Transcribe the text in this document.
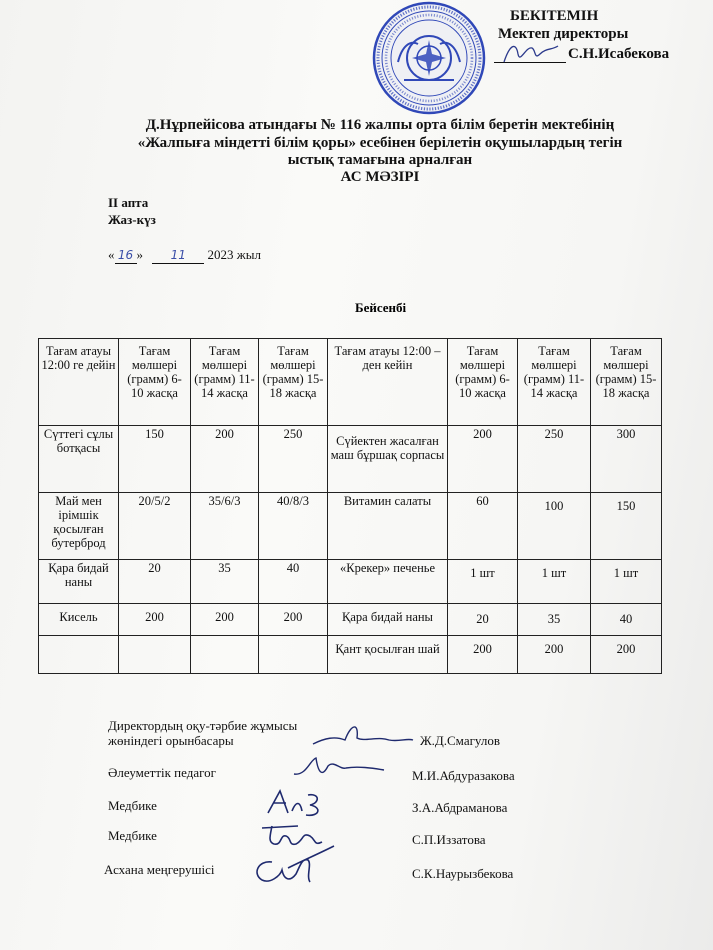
БЕКІТЕМІН
Мектеп директоры
С.Н.Исабекова
Д.Нұрпейісова атындағы № 116 жалпы орта білім беретін мектебінің
«Жалпыға міндетті білім қоры» есебінен берілетін оқушылардың тегін
ыстық тамағына арналған
АС МӘЗІРІ
ІІ апта
Жаз-күз
« 16 » 11 2023 жыл
Бейсенбі
Тағам атауы 12:00 ге дейін	Тағам мөлшері (грамм) 6-10 жасқа	Тағам мөлшері (грамм) 11-14 жасқа	Тағам мөлшері (грамм) 15-18 жасқа	Тағам атауы 12:00 – ден кейін	Тағам мөлшері (грамм) 6-10 жасқа	Тағам мөлшері (грамм) 11-14 жасқа	Тағам мөлшері (грамм) 15-18 жасқа
Сүттегі сұлы ботқасы	150	200	250	Сүйектен жасалған маш бұршақ сорпасы	200	250	300
Май мен ірімшік қосылған бутерброд	20/5/2	35/6/3	40/8/3	Витамин салаты	60	100	150
Қара бидай наны	20	35	40	«Крекер» печенье	1 шт	1 шт	1 шт
Кисель	200	200	200	Қара бидай наны	20	35	40
				Қант қосылған шай	200	200	200
Директордың оқу-тәрбие жұмысы
жөніндегі орынбасары	Ж.Д.Смагулов
Әлеуметтік педагог	М.И.Абдуразакова
Медбике	З.А.Абдраманова
Медбике	С.П.Иззатова
Асхана меңгерушісі	С.К.Наурызбекова
